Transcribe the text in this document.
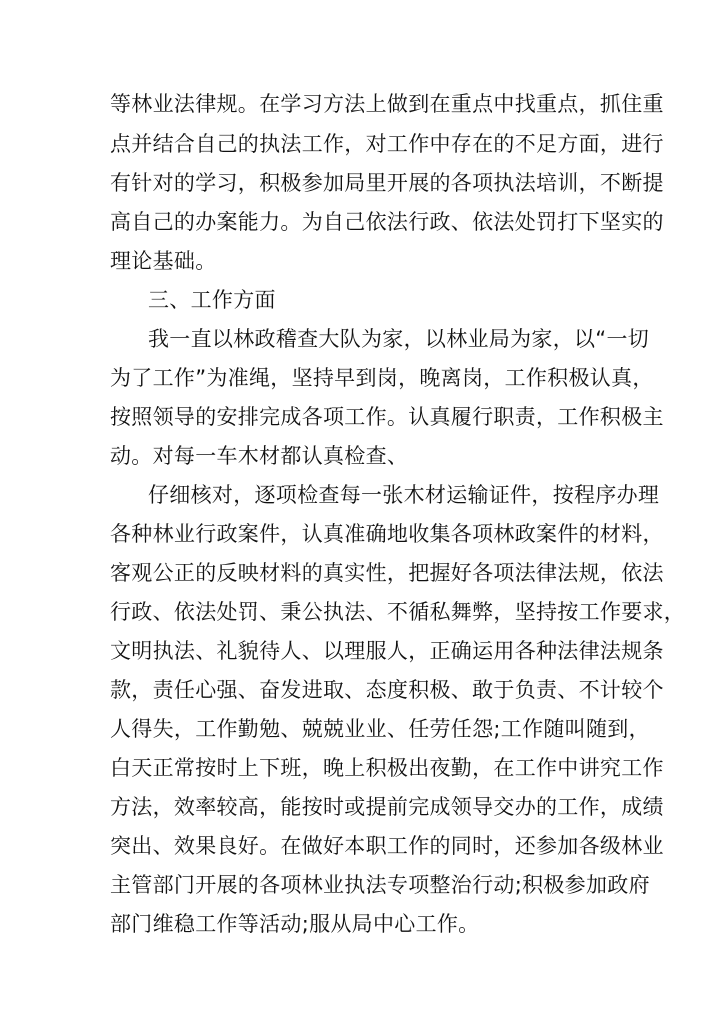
等林业法律规。在学习方法上做到在重点中找重点，抓住重
点并结合自己的执法工作，对工作中存在的不足方面，进行
有针对的学习，积极参加局里开展的各项执法培训，不断提
高自己的办案能力。为自己依法行政、依法处罚打下坚实的
理论基础。
三、工作方面
我一直以林政稽查大队为家，以林业局为家，以“一切
为了工作”为准绳，坚持早到岗，晚离岗，工作积极认真，
按照领导的安排完成各项工作。认真履行职责，工作积极主
动。对每一车木材都认真检查、
仔细核对，逐项检查每一张木材运输证件，按程序办理
各种林业行政案件，认真准确地收集各项林政案件的材料，
客观公正的反映材料的真实性，把握好各项法律法规，依法
行政、依法处罚、秉公执法、不循私舞弊，坚持按工作要求，
文明执法、礼貌待人、以理服人，正确运用各种法律法规条
款，责任心强、奋发进取、态度积极、敢于负责、不计较个
人得失，工作勤勉、兢兢业业、任劳任怨;工作随叫随到，
白天正常按时上下班，晚上积极出夜勤，在工作中讲究工作
方法，效率较高，能按时或提前完成领导交办的工作，成绩
突出、效果良好。在做好本职工作的同时，还参加各级林业
主管部门开展的各项林业执法专项整治行动;积极参加政府
部门维稳工作等活动;服从局中心工作。
